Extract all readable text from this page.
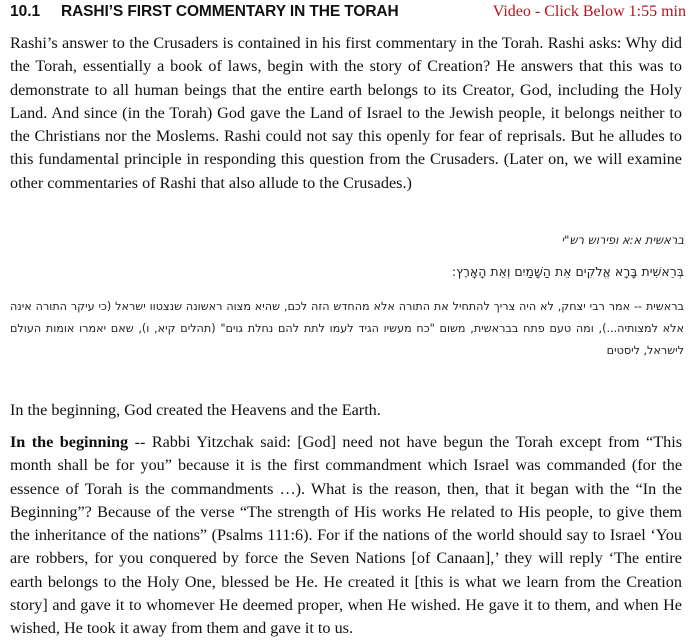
10.1 RASHI’S FIRST COMMENTARY IN THE TORAH	Video - Click Below 1:55 min

Rashi’s answer to the Crusaders is contained in his first commentary in the Torah. Rashi asks: Why did the Torah, essentially a book of laws, begin with the story of Creation? He answers that this was to demonstrate to all human beings that the entire earth belongs to its Creator, God, including the Holy Land. And since (in the Torah) God gave the Land of Israel to the Jewish people, it belongs neither to the Christians nor the Moslems. Rashi could not say this openly for fear of reprisals. But he alludes to this fundamental principle in responding this question from the Crusaders. (Later on, we will examine other commentaries of Rashi that also allude to the Crusades.)

בראשית א:א ופירוש רש"י

בְּרֵאשִׁית בָּרָא אֱלֹקִים אֵת הַשָּׁמַיִם וְאֵת הָאָרֶץ:

בראשית -- אמר רבי יצחק, לא היה צריך להתחיל את התורה אלא מהחדש הזה לכם, שהיא מצוה ראשונה שנצטוו ישראל (כי עיקר התורה אינה אלא למצותיה...), ומה טעם פתח בבראשית, משום "כח מעשיו הגיד לעמו לתת להם נחלת גוים" (תהלים קיא, ו), שאם יאמרו אומות העולם לישראל, ליסטים

In the beginning, God created the Heavens and the Earth.

In the beginning -- Rabbi Yitzchak said: [God] need not have begun the Torah except from “This month shall be for you” because it is the first commandment which Israel was commanded (for the essence of Torah is the commandments …). What is the reason, then, that it began with the “In the Beginning”? Because of the verse “The strength of His works He related to His people, to give them the inheritance of the nations” (Psalms 111:6). For if the nations of the world should say to Israel ‘You are robbers, for you conquered by force the Seven Nations [of Canaan],’ they will reply ‘The entire earth belongs to the Holy One, blessed be He. He created it [this is what we learn from the Creation story] and gave it to whomever He deemed proper, when He wished. He gave it to them, and when He wished, He took it away from them and gave it to us.
